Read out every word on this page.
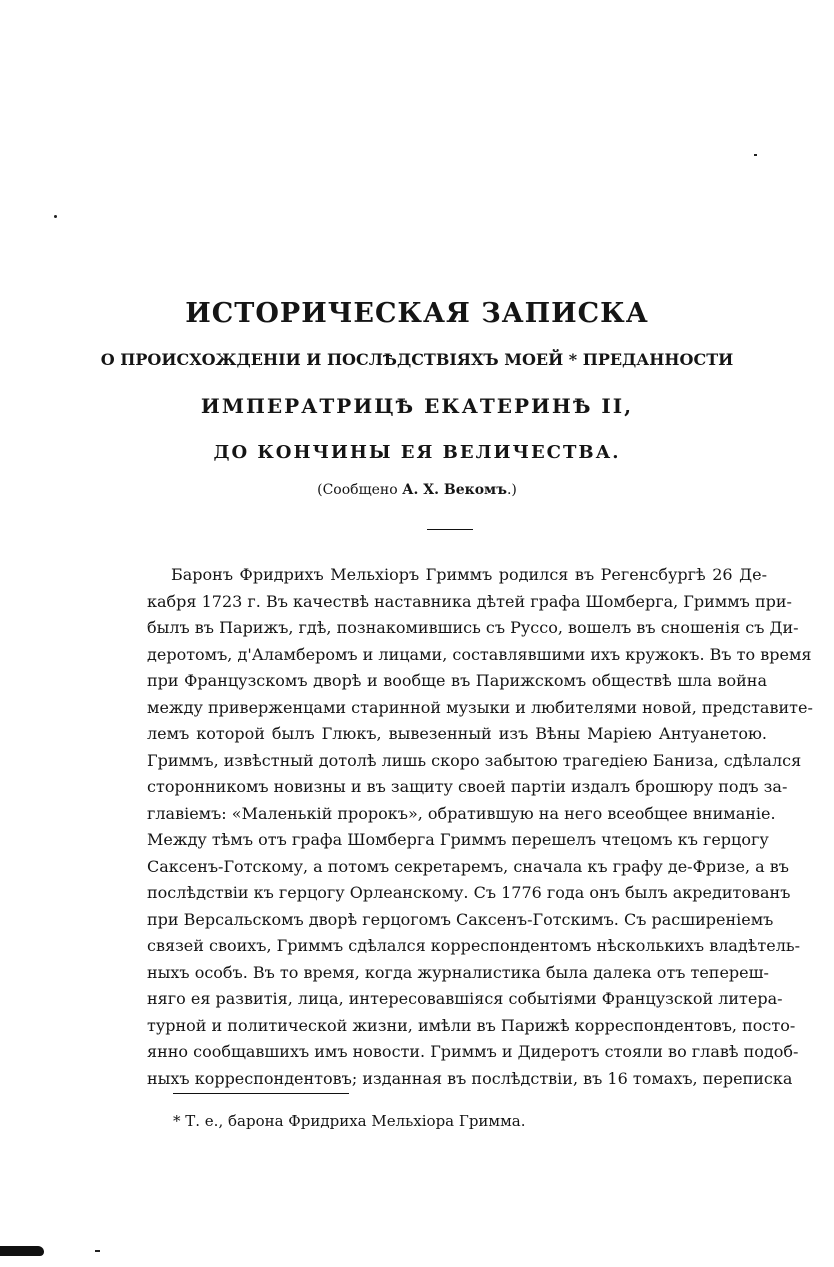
ИСТОРИЧЕСКАЯ ЗАПИСКА
О ПРОИСХОЖДЕНІИ И ПОСЛѢДСТВІЯХЪ МОЕЙ * ПРЕДАННОСТИ
ИМПЕРАТРИЦѢ ЕКАТЕРИНѢ II,
ДО КОНЧИНЫ ЕЯ ВЕЛИЧЕСТВА.
(Сообщено А. Х. Векомъ.)
Баронъ Фридрихъ Мельхіоръ Гриммъ родился въ Регенсбургѣ 26 Де-
кабря 1723 г. Въ качествѣ наставника дѣтей графа Шомберга, Гриммъ при-
былъ въ Парижъ, гдѣ, познакомившись съ Руссо, вошелъ въ сношенія съ Ди-
деротомъ, д'Аламберомъ и лицами, составлявшими ихъ кружокъ. Въ то время
при Французскомъ дворѣ и вообще въ Парижскомъ обществѣ шла война
между приверженцами старинной музыки и любителями новой, представите-
лемъ которой былъ Глюкъ, вывезенный изъ Вѣны Маріею Антуанетою.
Гриммъ, извѣстный дотолѣ лишь скоро забытою трагедіею Баниза, сдѣлался
сторонникомъ новизны и въ защиту своей партіи издалъ брошюру подъ за-
главіемъ: «Маленькій пророкъ», обратившую на него всеобщее вниманіе.
Между тѣмъ отъ графа Шомберга Гриммъ перешелъ чтецомъ къ герцогу
Саксенъ-Готскому, а потомъ секретаремъ, сначала къ графу де-Фризе, а въ
послѣдствіи къ герцогу Орлеанскому. Съ 1776 года онъ былъ акредитованъ
при Версальскомъ дворѣ герцогомъ Саксенъ-Готскимъ. Съ расширеніемъ
связей своихъ, Гриммъ сдѣлался корреспондентомъ нѣсколькихъ владѣтель-
ныхъ особъ. Въ то время, когда журналистика была далека отъ тепереш-
няго ея развитія, лица, интересовавшіяся событіями Французской литера-
турной и политической жизни, имѣли въ Парижѣ корреспондентовъ, посто-
янно сообщавшихъ имъ новости. Гриммъ и Дидеротъ стояли во главѣ подоб-
ныхъ корреспондентовъ; изданная въ послѣдствіи, въ 16 томахъ, переписка
* Т. е., барона Фридриха Мельхіора Гримма.
